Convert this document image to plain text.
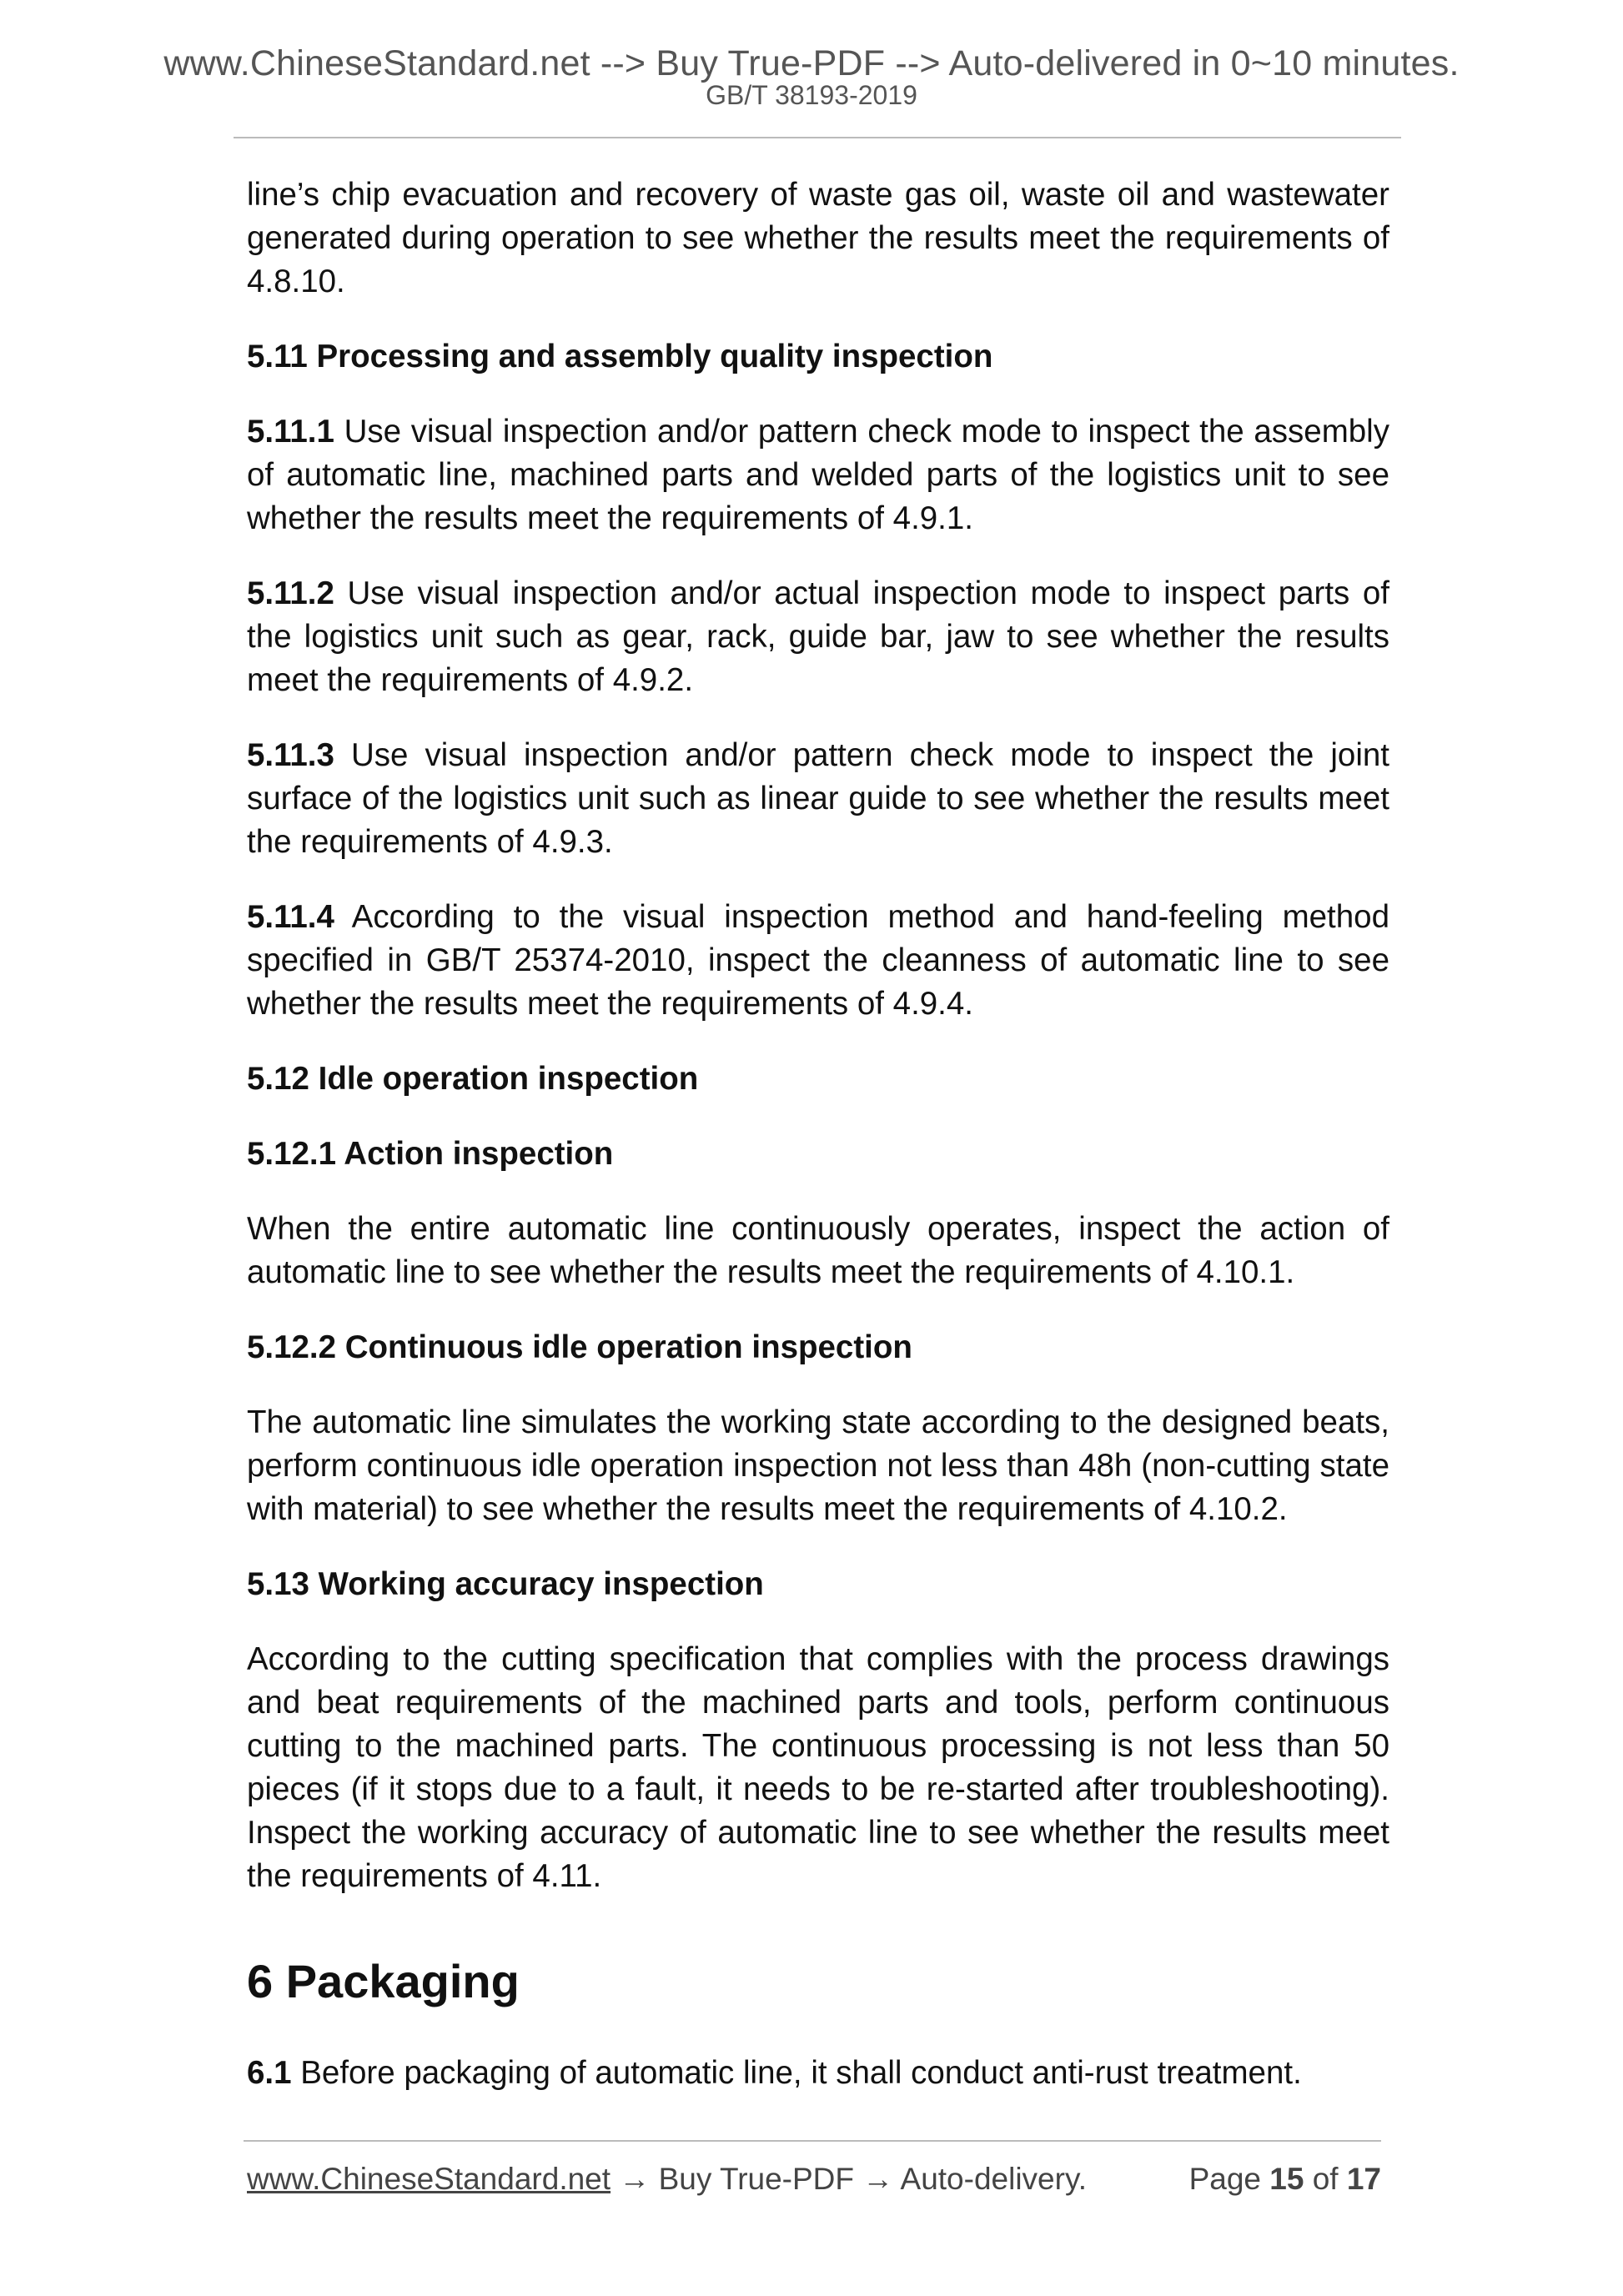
www.ChineseStandard.net --> Buy True-PDF --> Auto-delivered in 0~10 minutes.
GB/T 38193-2019

line’s chip evacuation and recovery of waste gas oil, waste oil and wastewater generated during operation to see whether the results meet the requirements of 4.8.10.

5.11 Processing and assembly quality inspection

5.11.1 Use visual inspection and/or pattern check mode to inspect the assembly of automatic line, machined parts and welded parts of the logistics unit to see whether the results meet the requirements of 4.9.1.

5.11.2 Use visual inspection and/or actual inspection mode to inspect parts of the logistics unit such as gear, rack, guide bar, jaw to see whether the results meet the requirements of 4.9.2.

5.11.3 Use visual inspection and/or pattern check mode to inspect the joint surface of the logistics unit such as linear guide to see whether the results meet the requirements of 4.9.3.

5.11.4 According to the visual inspection method and hand-feeling method specified in GB/T 25374-2010, inspect the cleanness of automatic line to see whether the results meet the requirements of 4.9.4.

5.12 Idle operation inspection
5.12.1 Action inspection

When the entire automatic line continuously operates, inspect the action of automatic line to see whether the results meet the requirements of 4.10.1.

5.12.2 Continuous idle operation inspection

The automatic line simulates the working state according to the designed beats, perform continuous idle operation inspection not less than 48h (non-cutting state with material) to see whether the results meet the requirements of 4.10.2.

5.13 Working accuracy inspection

According to the cutting specification that complies with the process drawings and beat requirements of the machined parts and tools, perform continuous cutting to the machined parts. The continuous processing is not less than 50 pieces (if it stops due to a fault, it needs to be re-started after troubleshooting). Inspect the working accuracy of automatic line to see whether the results meet the requirements of 4.11.

6 Packaging

6.1 Before packaging of automatic line, it shall conduct anti-rust treatment.

www.ChineseStandard.net → Buy True-PDF → Auto-delivery.	Page 15 of 17
